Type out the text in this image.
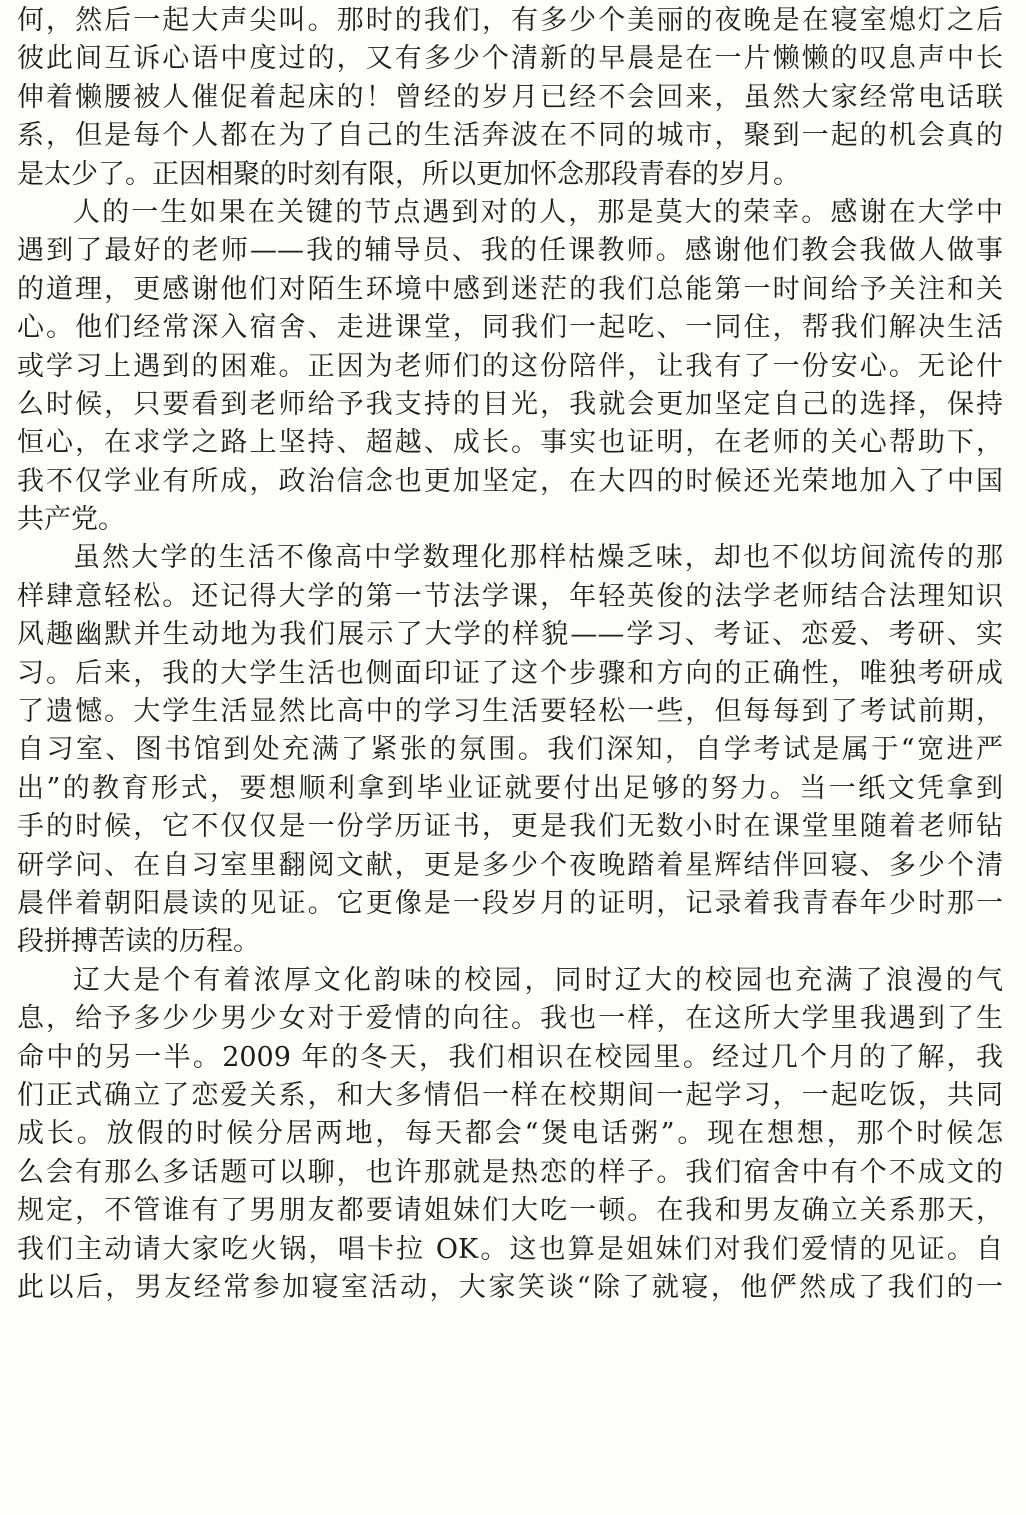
何，然后一起大声尖叫。那时的我们，有多少个美丽的夜晚是在寝室熄灯之后
彼此间互诉心语中度过的，又有多少个清新的早晨是在一片懒懒的叹息声中长
伸着懒腰被人催促着起床的！曾经的岁月已经不会回来，虽然大家经常电话联
系，但是每个人都在为了自己的生活奔波在不同的城市，聚到一起的机会真的
是太少了。正因相聚的时刻有限，所以更加怀念那段青春的岁月。
人的一生如果在关键的节点遇到对的人，那是莫大的荣幸。感谢在大学中
遇到了最好的老师——我的辅导员、我的任课教师。感谢他们教会我做人做事
的道理，更感谢他们对陌生环境中感到迷茫的我们总能第一时间给予关注和关
心。他们经常深入宿舍、走进课堂，同我们一起吃、一同住，帮我们解决生活
或学习上遇到的困难。正因为老师们的这份陪伴，让我有了一份安心。无论什
么时候，只要看到老师给予我支持的目光，我就会更加坚定自己的选择，保持
恒心，在求学之路上坚持、超越、成长。事实也证明，在老师的关心帮助下，
我不仅学业有所成，政治信念也更加坚定，在大四的时候还光荣地加入了中国
共产党。
虽然大学的生活不像高中学数理化那样枯燥乏味，却也不似坊间流传的那
样肆意轻松。还记得大学的第一节法学课，年轻英俊的法学老师结合法理知识
风趣幽默并生动地为我们展示了大学的样貌——学习、考证、恋爱、考研、实
习。后来，我的大学生活也侧面印证了这个步骤和方向的正确性，唯独考研成
了遗憾。大学生活显然比高中的学习生活要轻松一些，但每每到了考试前期，
自习室、图书馆到处充满了紧张的氛围。我们深知，自学考试是属于“宽进严
出”的教育形式，要想顺利拿到毕业证就要付出足够的努力。当一纸文凭拿到
手的时候，它不仅仅是一份学历证书，更是我们无数小时在课堂里随着老师钻
研学问、在自习室里翻阅文献，更是多少个夜晚踏着星辉结伴回寝、多少个清
晨伴着朝阳晨读的见证。它更像是一段岁月的证明，记录着我青春年少时那一
段拼搏苦读的历程。
辽大是个有着浓厚文化韵味的校园，同时辽大的校园也充满了浪漫的气
息，给予多少少男少女对于爱情的向往。我也一样，在这所大学里我遇到了生
命中的另一半。2009 年的冬天，我们相识在校园里。经过几个月的了解，我
们正式确立了恋爱关系，和大多情侣一样在校期间一起学习，一起吃饭，共同
成长。放假的时候分居两地，每天都会“煲电话粥”。现在想想，那个时候怎
么会有那么多话题可以聊，也许那就是热恋的样子。我们宿舍中有个不成文的
规定，不管谁有了男朋友都要请姐妹们大吃一顿。在我和男友确立关系那天，
我们主动请大家吃火锅，唱卡拉 OK。这也算是姐妹们对我们爱情的见证。自
此以后，男友经常参加寝室活动，大家笑谈“除了就寝，他俨然成了我们的一
